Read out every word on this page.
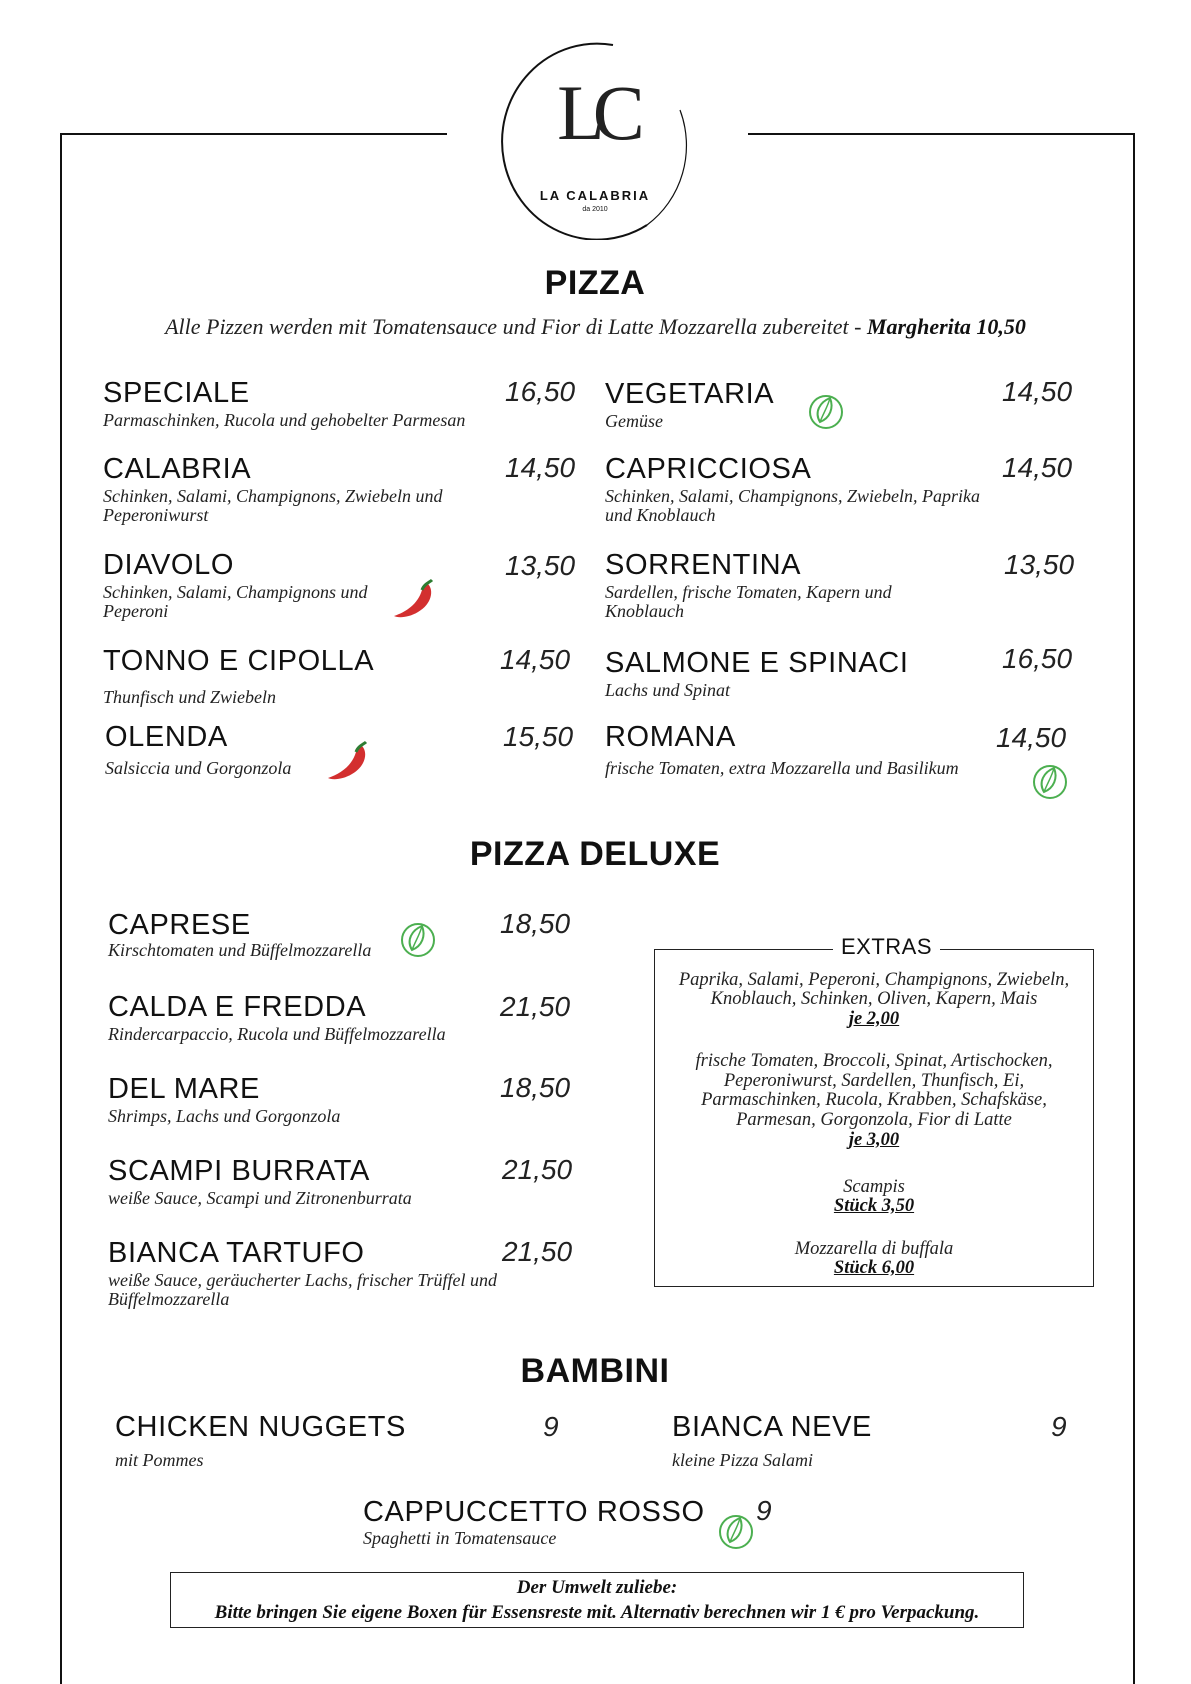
LC
LA CALABRIA
da 2010
PIZZA
Alle Pizzen werden mit Tomatensauce und Fior di Latte Mozzarella zubereitet - Margherita 10,50
SPECIALE
Parmaschinken, Rucola und gehobelter Parmesan
16,50
CALABRIA
Schinken, Salami, Champignons, Zwiebeln und Peperoniwurst
14,50
DIAVOLO
Schinken, Salami, Champignons und Peperoni
13,50
TONNO E CIPOLLA
Thunfisch und Zwiebeln
14,50
OLENDA
Salsiccia und Gorgonzola
15,50
VEGETARIA
Gemüse
14,50
CAPRICCIOSA
Schinken, Salami, Champignons, Zwiebeln, Paprika und Knoblauch
14,50
SORRENTINA
Sardellen, frische Tomaten, Kapern und Knoblauch
13,50
SALMONE E SPINACI
Lachs und Spinat
16,50
ROMANA
frische Tomaten, extra Mozzarella und Basilikum
14,50
PIZZA DELUXE
CAPRESE
Kirschtomaten und Büffelmozzarella
18,50
CALDA E FREDDA
Rindercarpaccio, Rucola und Büffelmozzarella
21,50
DEL MARE
Shrimps, Lachs und Gorgonzola
18,50
SCAMPI BURRATA
weiße Sauce, Scampi und Zitronenburrata
21,50
BIANCA TARTUFO
weiße Sauce, geräucherter Lachs, frischer Trüffel und Büffelmozzarella
21,50
EXTRAS
Paprika, Salami, Peperoni, Champignons, Zwiebeln,
Knoblauch, Schinken, Oliven, Kapern, Mais
je 2,00
frische Tomaten, Broccoli, Spinat, Artischocken,
Peperoniwurst, Sardellen, Thunfisch, Ei,
Parmaschinken, Rucola, Krabben, Schafskäse,
Parmesan, Gorgonzola, Fior di Latte
je 3,00
Scampis
Stück 3,50
Mozzarella di buffala
Stück 6,00
BAMBINI
CHICKEN NUGGETS
mit Pommes
9	BIANCA NEVE
kleine Pizza Salami
9
CAPPUCCETTO ROSSO
Spaghetti in Tomatensauce
9
Der Umwelt zuliebe:
Bitte bringen Sie eigene Boxen für Essensreste mit. Alternativ berechnen wir 1 € pro Verpackung.
